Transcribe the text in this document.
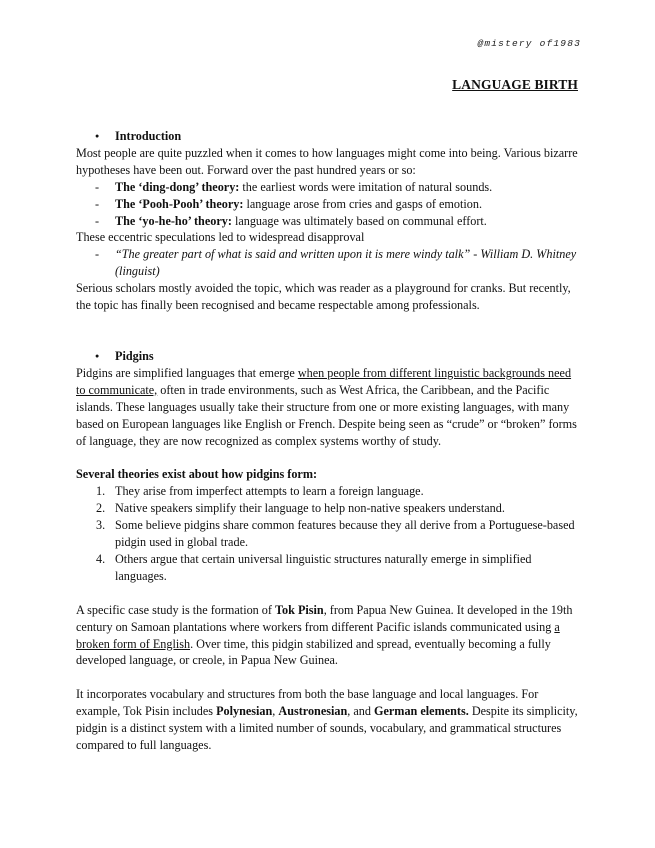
@mistery of1983
LANGUAGE BIRTH
● Introduction

Most people are quite puzzled when it comes to how languages might come into being. Various bizarre hypotheses have been out. Forward over the past hundred years or so:

- The ‘ding-dong’ theory: the earliest words were imitation of natural sounds.
- The ‘Pooh-Pooh’ theory: language arose from cries and gasps of emotion.
- The ‘yo-he-ho’ theory: language was ultimately based on communal effort.

These eccentric speculations led to widespread disapproval

- “The greater part of what is said and written upon it is mere windy talk” - William D. Whitney (linguist)

Serious scholars mostly avoided the topic, which was reader as a playground for cranks. But recently, the topic has finally been recognised and became respectable among professionals.

● Pidgins

Pidgins are simplified languages that emerge when people from different linguistic backgrounds need to communicate, often in trade environments, such as West Africa, the Caribbean, and the Pacific islands. These languages usually take their structure from one or more existing languages, with many based on European languages like English or French. Despite being seen as “crude” or “broken” forms of language, they are now recognized as complex systems worthy of study.

Several theories exist about how pidgins form:

1. They arise from imperfect attempts to learn a foreign language.
2. Native speakers simplify their language to help non-native speakers understand.
3. Some believe pidgins share common features because they all derive from a Portuguese-based pidgin used in global trade.
4. Others argue that certain universal linguistic structures naturally emerge in simplified languages.

A specific case study is the formation of Tok Pisin, from Papua New Guinea. It developed in the 19th century on Samoan plantations where workers from different Pacific islands communicated using a broken form of English. Over time, this pidgin stabilized and spread, eventually becoming a fully developed language, or creole, in Papua New Guinea.

It incorporates vocabulary and structures from both the base language and local languages. For example, Tok Pisin includes Polynesian, Austronesian, and German elements. Despite its simplicity, pidgin is a distinct system with a limited number of sounds, vocabulary, and grammatical structures compared to full languages.
